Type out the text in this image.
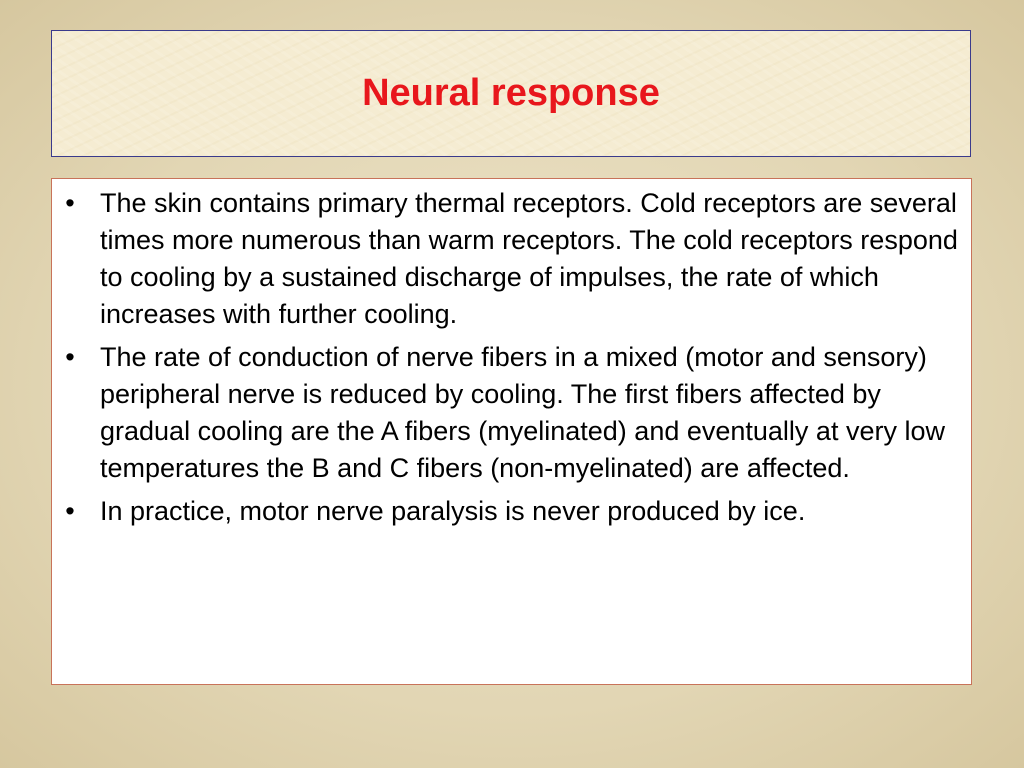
Neural response
• The skin contains primary thermal receptors. Cold receptors are several times more numerous than warm receptors. The cold receptors respond to cooling by a sustained discharge of impulses, the rate of which increases with further cooling.
• The rate of conduction of nerve fibers in a mixed (motor and sensory) peripheral nerve is reduced by cooling. The first fibers affected by gradual cooling are the A fibers (myelinated) and eventually at very low temperatures the B and C fibers (non-myelinated) are affected.
• In practice, motor nerve paralysis is never produced by ice.
